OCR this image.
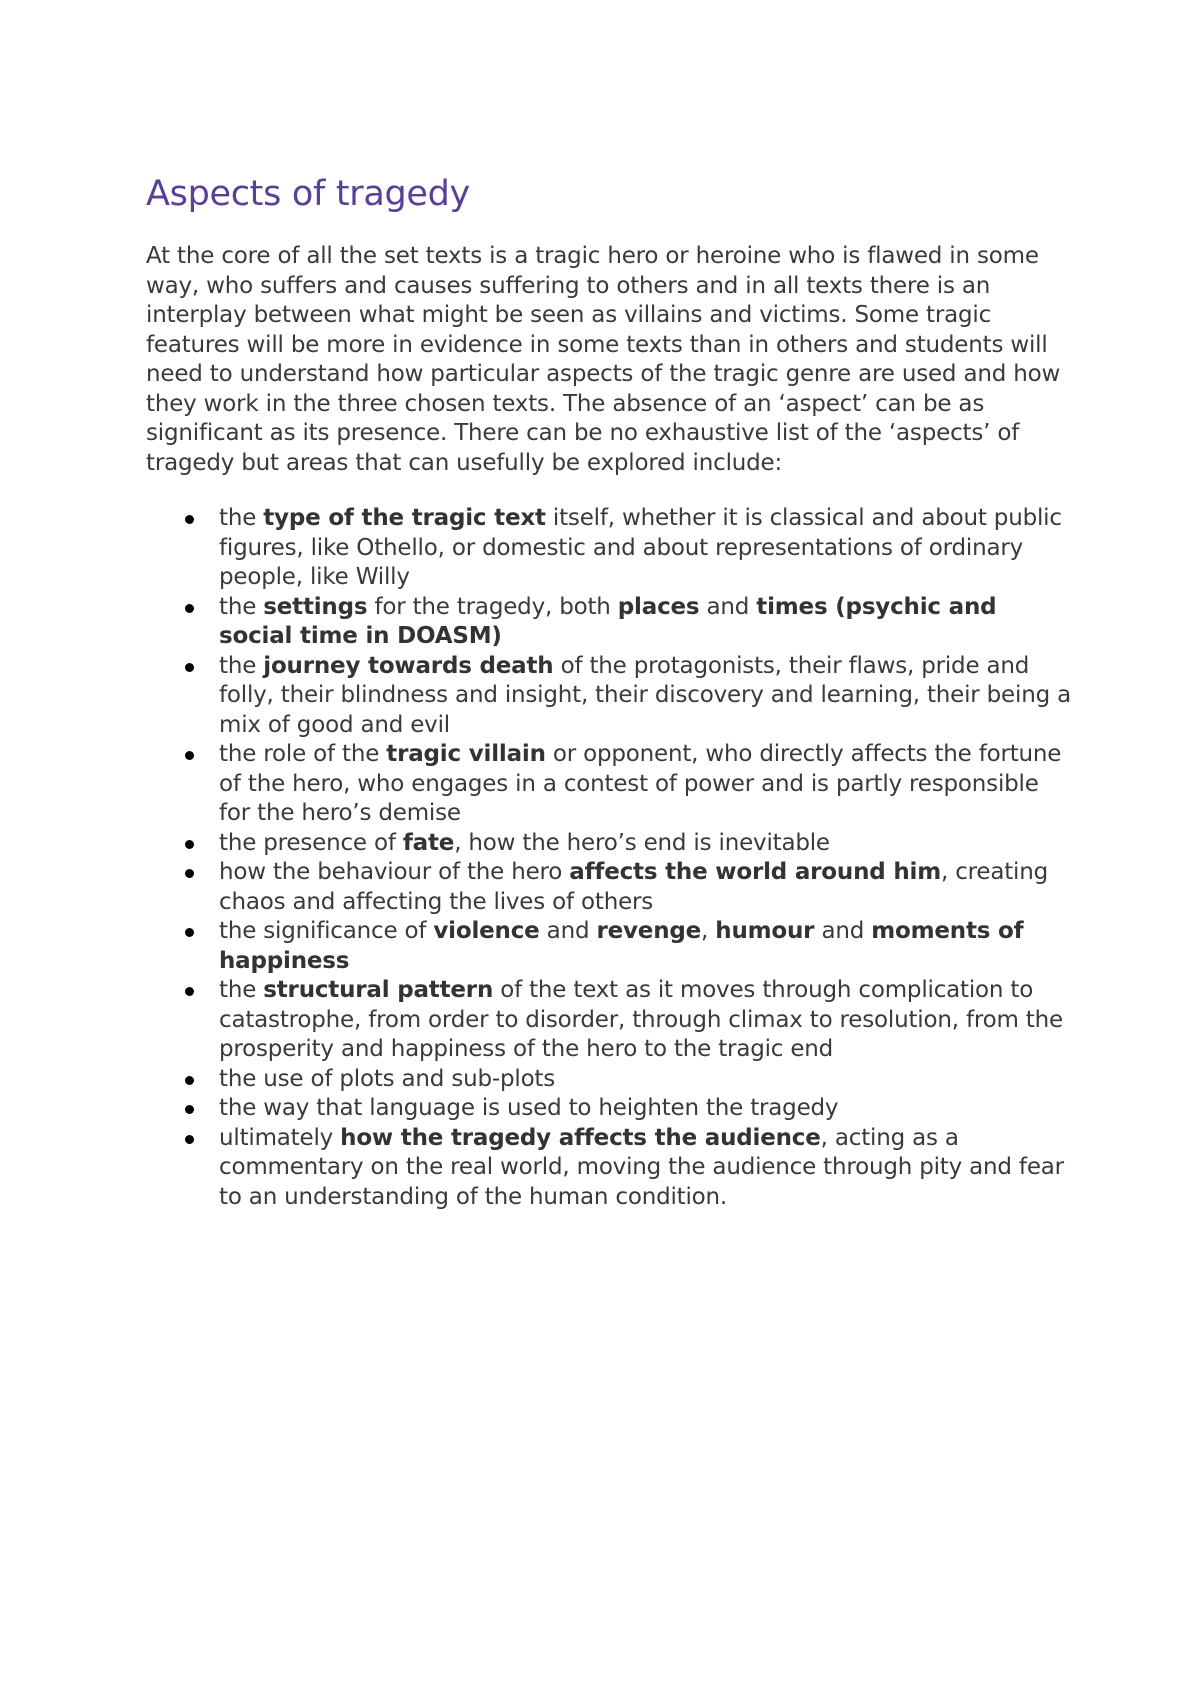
Aspects of tragedy

At the core of all the set texts is a tragic hero or heroine who is flawed in some way, who suffers and causes suffering to others and in all texts there is an interplay between what might be seen as villains and victims. Some tragic features will be more in evidence in some texts than in others and students will need to understand how particular aspects of the tragic genre are used and how they work in the three chosen texts. The absence of an ‘aspect’ can be as significant as its presence. There can be no exhaustive list of the ‘aspects’ of tragedy but areas that can usefully be explored include:

the type of the tragic text itself, whether it is classical and about public figures, like Othello, or domestic and about representations of ordinary people, like Willy
the settings for the tragedy, both places and times (psychic and social time in DOASM)
the journey towards death of the protagonists, their flaws, pride and folly, their blindness and insight, their discovery and learning, their being a mix of good and evil
the role of the tragic villain or opponent, who directly affects the fortune of the hero, who engages in a contest of power and is partly responsible for the hero’s demise
the presence of fate, how the hero’s end is inevitable
how the behaviour of the hero affects the world around him, creating chaos and affecting the lives of others
the significance of violence and revenge, humour and moments of happiness
the structural pattern of the text as it moves through complication to catastrophe, from order to disorder, through climax to resolution, from the prosperity and happiness of the hero to the tragic end
the use of plots and sub-plots
the way that language is used to heighten the tragedy
ultimately how the tragedy affects the audience, acting as a commentary on the real world, moving the audience through pity and fear to an understanding of the human condition.
